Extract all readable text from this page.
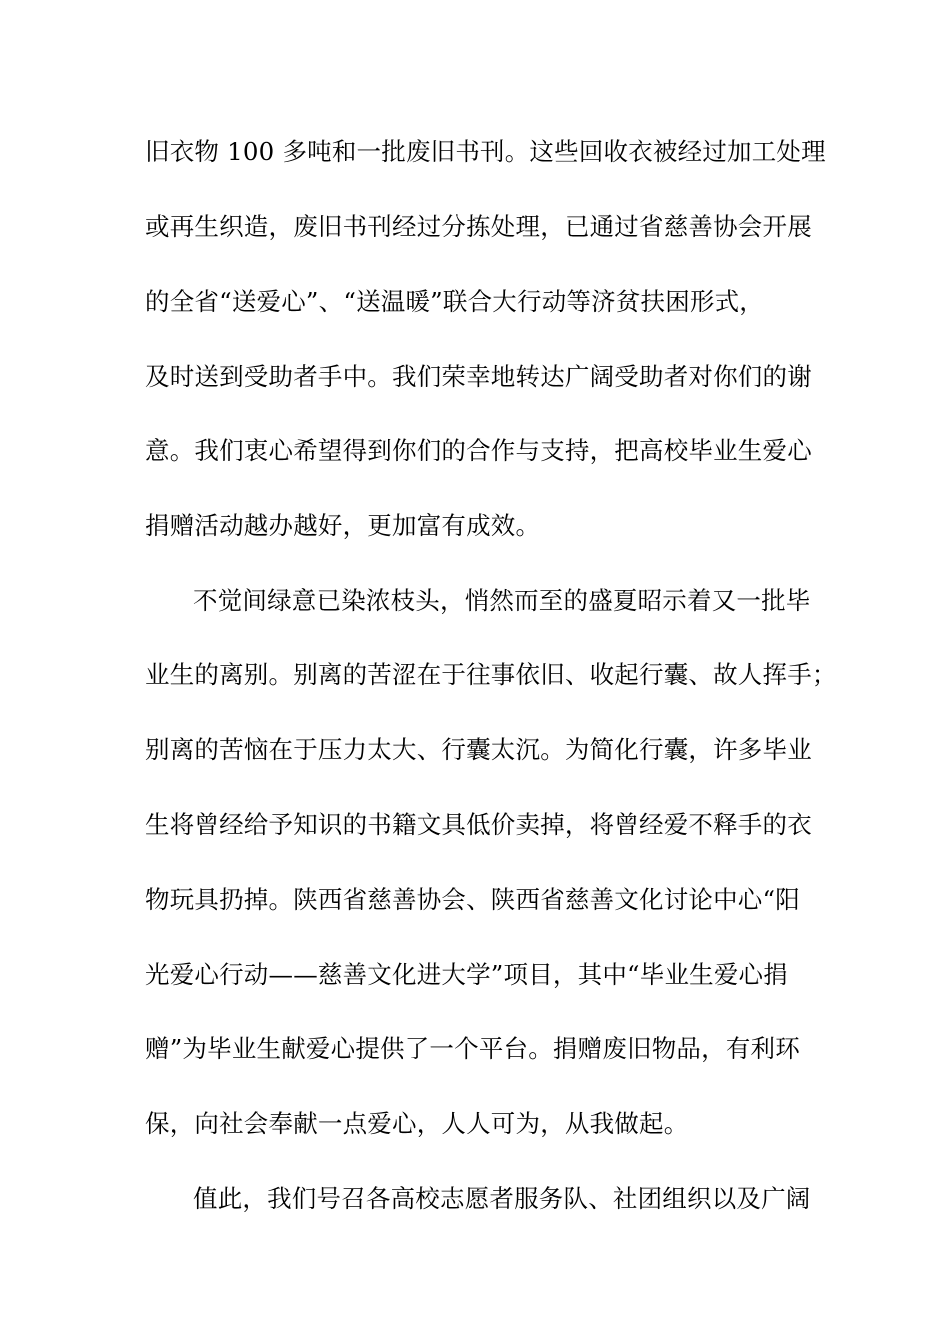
旧衣物 100 多吨和一批废旧书刊。这些回收衣被经过加工处理
或再生织造，废旧书刊经过分拣处理，已通过省慈善协会开展
的全省“送爱心”、“送温暖”联合大行动等济贫扶困形式，
及时送到受助者手中。我们荣幸地转达广阔受助者对你们的谢
意。我们衷心希望得到你们的合作与支持，把高校毕业生爱心
捐赠活动越办越好，更加富有成效。
不觉间绿意已染浓枝头，悄然而至的盛夏昭示着又一批毕
业生的离别。别离的苦涩在于往事依旧、收起行囊、故人挥手；
别离的苦恼在于压力太大、行囊太沉。为简化行囊，许多毕业
生将曾经给予知识的书籍文具低价卖掉，将曾经爱不释手的衣
物玩具扔掉。陕西省慈善协会、陕西省慈善文化讨论中心“阳
光爱心行动——慈善文化进大学”项目，其中“毕业生爱心捐
赠”为毕业生献爱心提供了一个平台。捐赠废旧物品，有利环
保，向社会奉献一点爱心，人人可为，从我做起。
值此，我们号召各高校志愿者服务队、社团组织以及广阔
